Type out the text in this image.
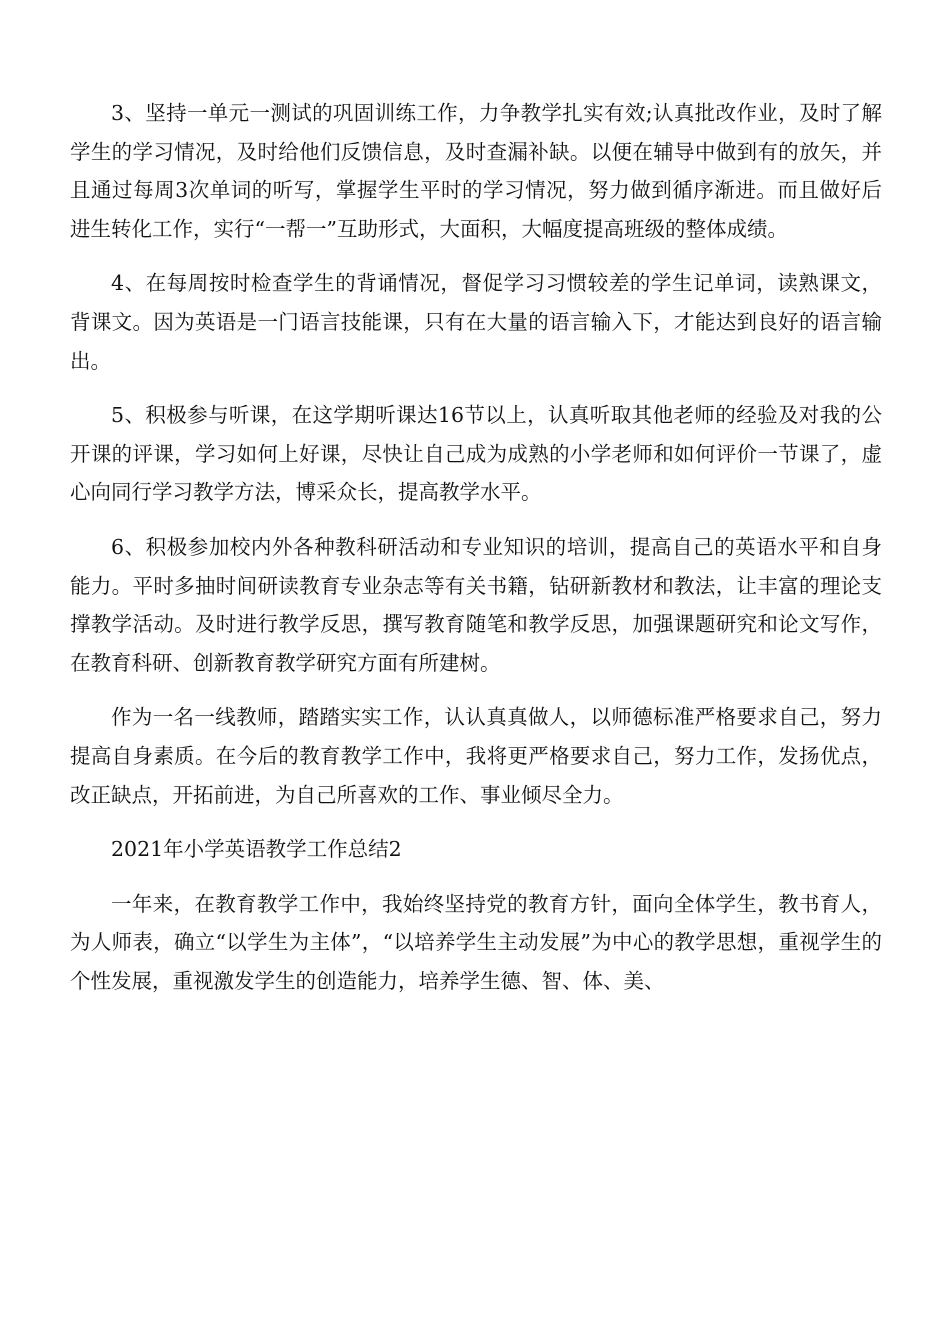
3、坚持一单元一测试的巩固训练工作，力争教学扎实有效;认真批改作业，及时了解学生的学习情况，及时给他们反馈信息，及时查漏补缺。以便在辅导中做到有的放矢，并且通过每周3次单词的听写，掌握学生平时的学习情况，努力做到循序渐进。而且做好后进生转化工作，实行“一帮一”互助形式，大面积，大幅度提高班级的整体成绩。

4、在每周按时检查学生的背诵情况，督促学习习惯较差的学生记单词，读熟课文，背课文。因为英语是一门语言技能课，只有在大量的语言输入下，才能达到良好的语言输出。

5、积极参与听课，在这学期听课达16节以上，认真听取其他老师的经验及对我的公开课的评课，学习如何上好课，尽快让自己成为成熟的小学老师和如何评价一节课了，虚心向同行学习教学方法，博采众长，提高教学水平。

6、积极参加校内外各种教科研活动和专业知识的培训，提高自己的英语水平和自身能力。平时多抽时间研读教育专业杂志等有关书籍，钻研新教材和教法，让丰富的理论支撑教学活动。及时进行教学反思，撰写教育随笔和教学反思，加强课题研究和论文写作，在教育科研、创新教育教学研究方面有所建树。

作为一名一线教师，踏踏实实工作，认认真真做人，以师德标准严格要求自己，努力提高自身素质。在今后的教育教学工作中，我将更严格要求自己，努力工作，发扬优点，改正缺点，开拓前进，为自己所喜欢的工作、事业倾尽全力。

2021年小学英语教学工作总结2

一年来，在教育教学工作中，我始终坚持党的教育方针，面向全体学生，教书育人，为人师表，确立“以学生为主体”，“以培养学生主动发展”为中心的教学思想，重视学生的个性发展，重视激发学生的创造能力，培养学生德、智、体、美、
